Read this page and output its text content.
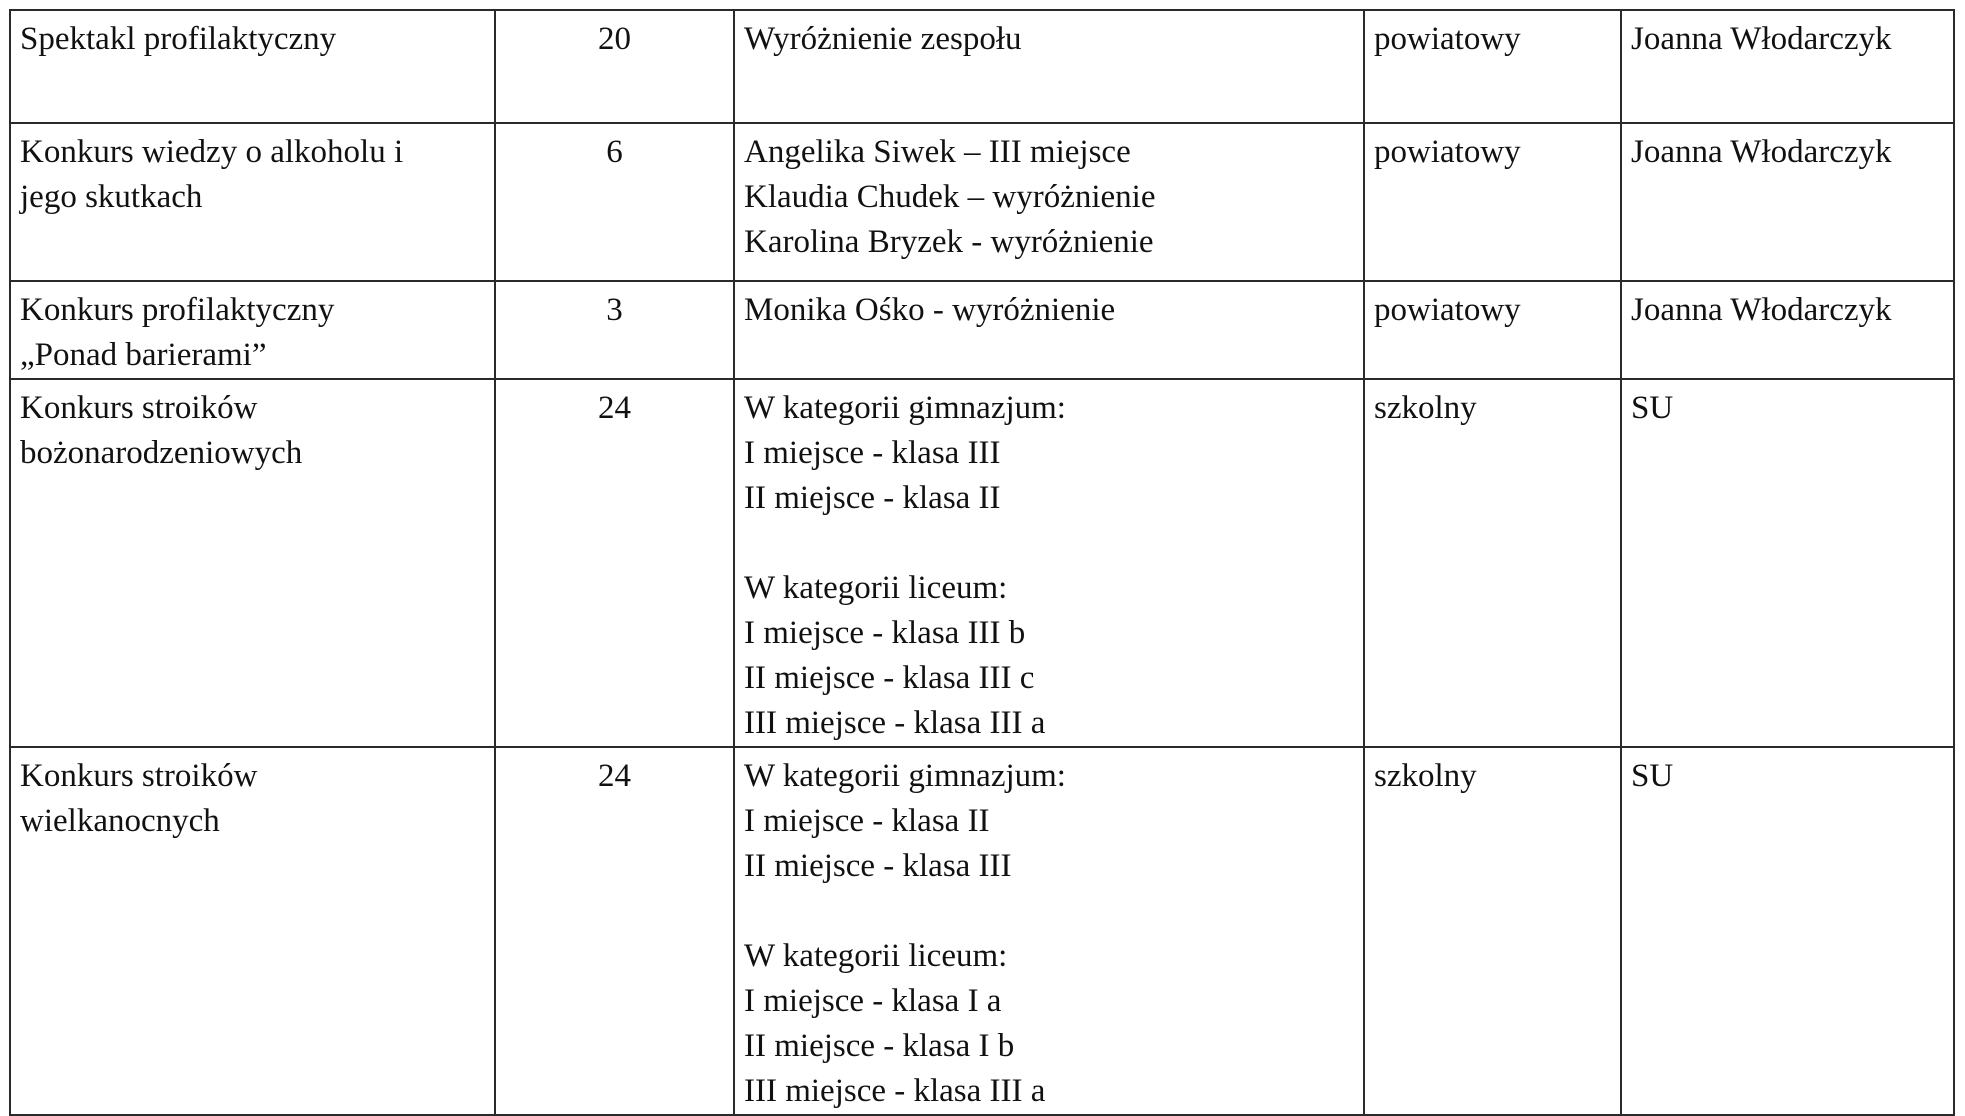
Spektakl profilaktyczny	20	Wyróżnienie zespołu	powiatowy	Joanna Włodarczyk

Konkurs wiedzy o alkoholu i
jego skutkach	6	Angelika Siwek – III miejsce
Klaudia Chudek – wyróżnienie
Karolina Bryzek - wyróżnienie	powiatowy	Joanna Włodarczyk

Konkurs profilaktyczny
„Ponad barierami”	3	Monika Ośko - wyróżnienie	powiatowy	Joanna Włodarczyk

Konkurs stroików
bożonarodzeniowych
	24	W kategorii gimnazjum:
I miejsce - klasa III
II miejsce - klasa II
W kategorii liceum:
I miejsce - klasa III b
II miejsce - klasa III c
III miejsce - klasa III a
	szkolny	SU

Konkurs stroików
wielkanocnych
	24	W kategorii gimnazjum:
I miejsce - klasa II
II miejsce - klasa III
W kategorii liceum:
I miejsce - klasa I a
II miejsce - klasa I b
III miejsce - klasa III a
	szkolny	SU
